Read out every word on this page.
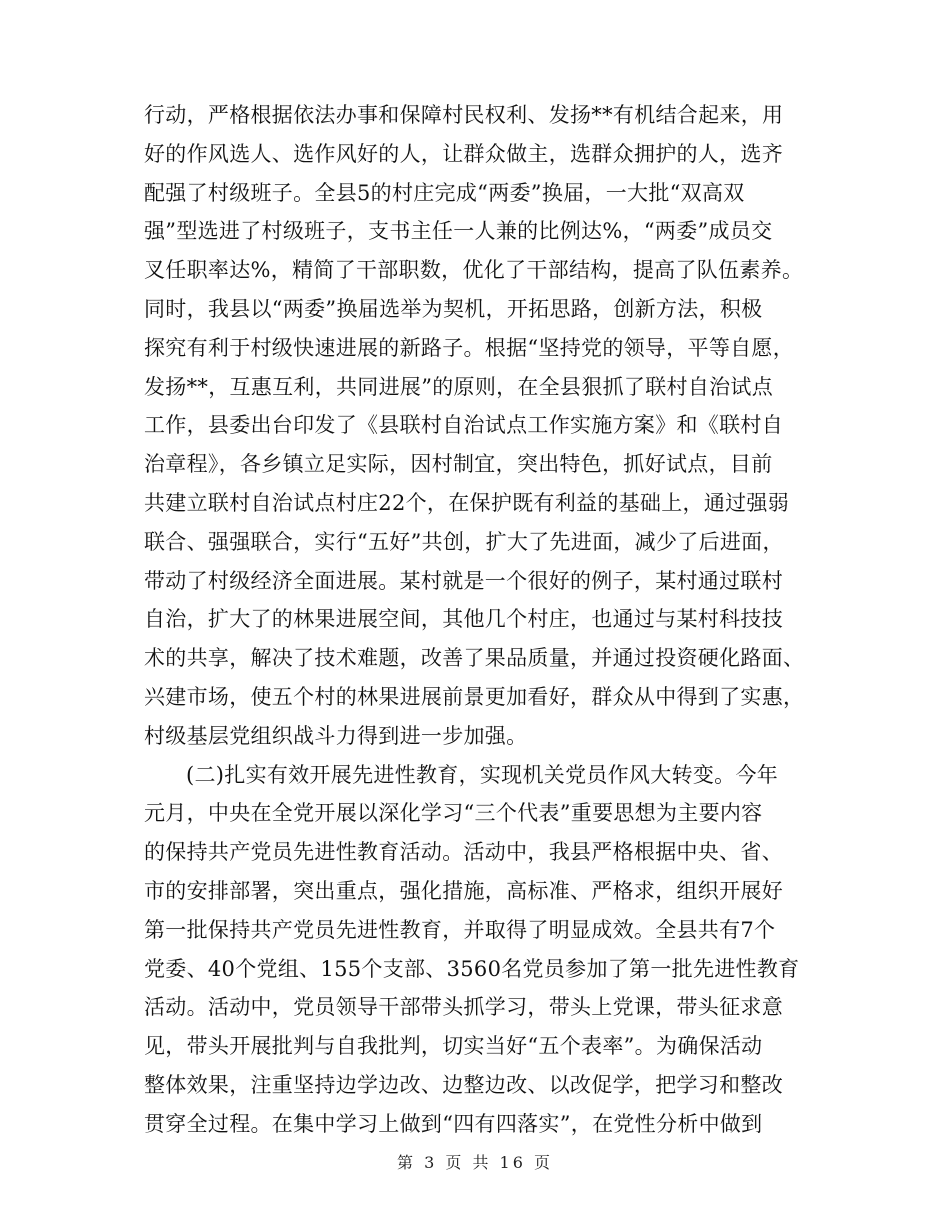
行动，严格根据依法办事和保障村民权利、发扬**有机结合起来，用
好的作风选人、选作风好的人，让群众做主，选群众拥护的人，选齐
配强了村级班子。全县5的村庄完成“两委”换届，一大批“双高双
强”型选进了村级班子，支书主任一人兼的比例达%，“两委”成员交
叉任职率达%，精简了干部职数，优化了干部结构，提高了队伍素养。
同时，我县以“两委”换届选举为契机，开拓思路，创新方法，积极
探究有利于村级快速进展的新路子。根据“坚持党的领导，平等自愿，
发扬**，互惠互利，共同进展”的原则，在全县狠抓了联村自治试点
工作，县委出台印发了《县联村自治试点工作实施方案》和《联村自
治章程》，各乡镇立足实际，因村制宜，突出特色，抓好试点，目前
共建立联村自治试点村庄22个，在保护既有利益的基础上，通过强弱
联合、强强联合，实行“五好”共创，扩大了先进面，减少了后进面，
带动了村级经济全面进展。某村就是一个很好的例子，某村通过联村
自治，扩大了的林果进展空间，其他几个村庄，也通过与某村科技技
术的共享，解决了技术难题，改善了果品质量，并通过投资硬化路面、
兴建市场，使五个村的林果进展前景更加看好，群众从中得到了实惠，
村级基层党组织战斗力得到进一步加强。
(二)扎实有效开展先进性教育，实现机关党员作风大转变。今年
元月，中央在全党开展以深化学习“三个代表”重要思想为主要内容
的保持共产党员先进性教育活动。活动中，我县严格根据中央、省、
市的安排部署，突出重点，强化措施，高标准、严格求，组织开展好
第一批保持共产党员先进性教育，并取得了明显成效。全县共有7个
党委、40个党组、155个支部、3560名党员参加了第一批先进性教育
活动。活动中，党员领导干部带头抓学习，带头上党课，带头征求意
见，带头开展批判与自我批判，切实当好“五个表率”。为确保活动
整体效果，注重坚持边学边改、边整边改、以改促学，把学习和整改
贯穿全过程。在集中学习上做到“四有四落实”，在党性分析中做到
第 3 页 共 16 页
